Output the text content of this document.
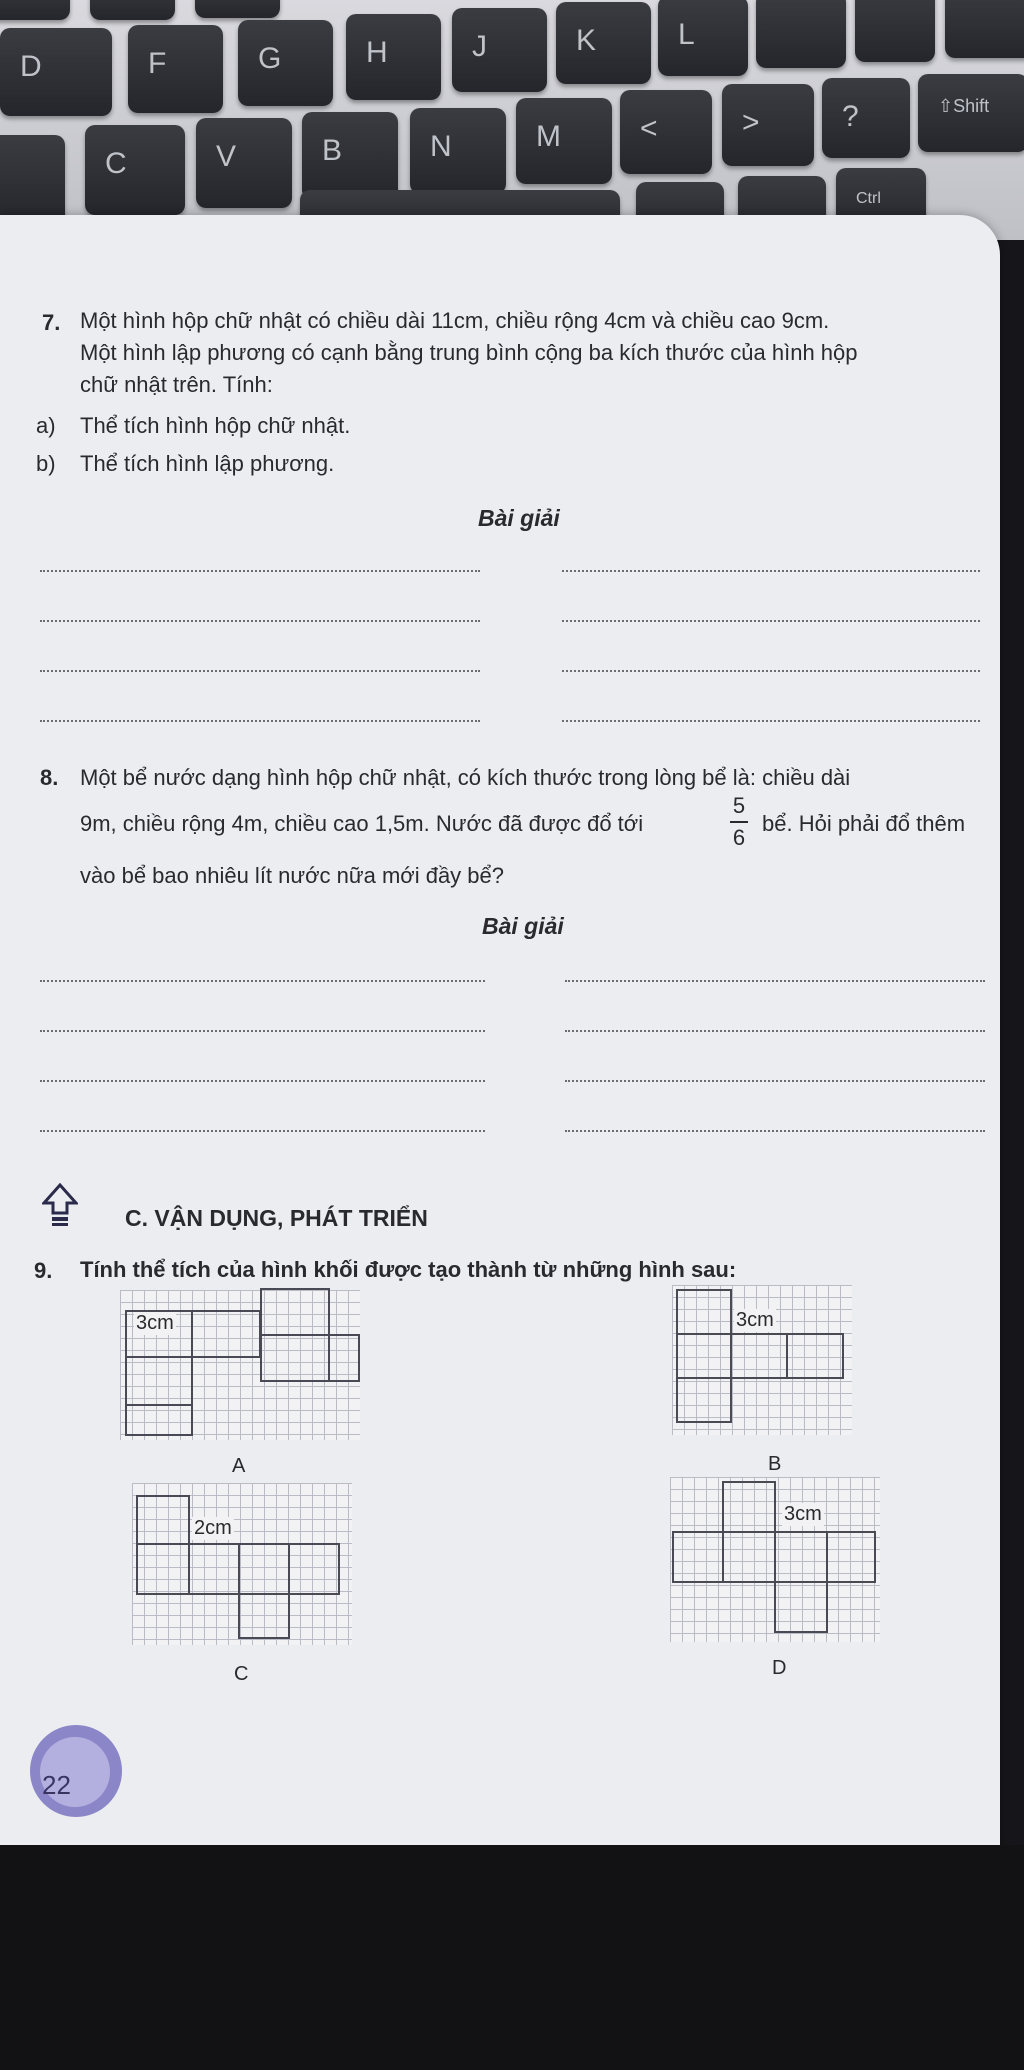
D	F	G	H	J	K	L
C	V	B	N	M	<	>	?	⇧Shift
Ctrl
7. Một hình hộp chữ nhật có chiều dài 11cm, chiều rộng 4cm và chiều cao 9cm.
Một hình lập phương có cạnh bằng trung bình cộng ba kích thước của hình hộp
chữ nhật trên. Tính:
a) Thể tích hình hộp chữ nhật.
b) Thể tích hình lập phương.
Bài giải
8. Một bể nước dạng hình hộp chữ nhật, có kích thước trong lòng bể là: chiều dài
9m, chiều rộng 4m, chiều cao 1,5m. Nước đã được đổ tới
5
6
bể. Hỏi phải đổ thêm
vào bể bao nhiêu lít nước nữa mới đầy bể?
Bài giải
C. VẬN DỤNG, PHÁT TRIỂN
9. Tính thể tích của hình khối được tạo thành từ những hình sau:
3cm
A
3cm
B
2cm
C
3cm
D
22
